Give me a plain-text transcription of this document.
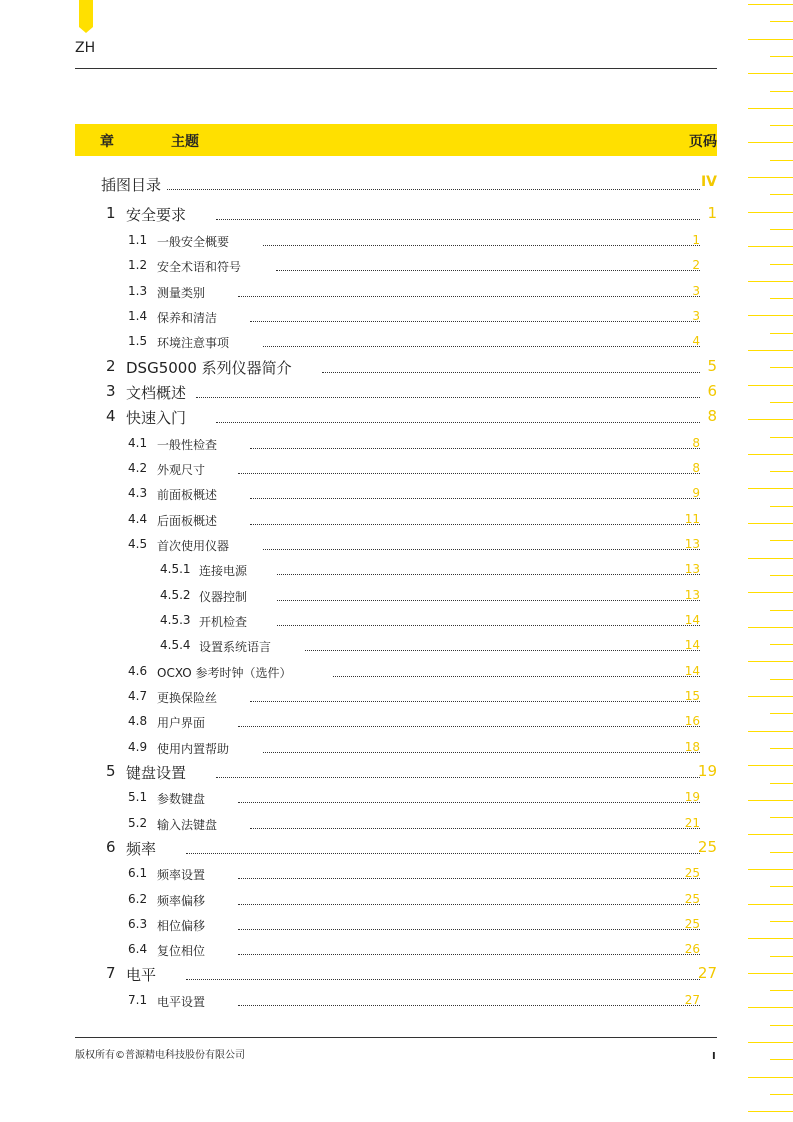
ZH
章	主题	页码
插图目录	IV
1 安全要求	1
1.1 一般安全概要	1
1.2 安全术语和符号	2
1.3 测量类别	3
1.4 保养和清洁	3
1.5 环境注意事项	4
2 DSG5000 系列仪器简介	5
3 文档概述	6
4 快速入门	8
4.1 一般性检查	8
4.2 外观尺寸	8
4.3 前面板概述	9
4.4 后面板概述	11
4.5 首次使用仪器	13
4.5.1 连接电源	13
4.5.2 仪器控制	13
4.5.3 开机检查	14
4.5.4 设置系统语言	14
4.6 OCXO 参考时钟（选件）	14
4.7 更换保险丝	15
4.8 用户界面	16
4.9 使用内置帮助	18
5 键盘设置	19
5.1 参数键盘	19
5.2 输入法键盘	21
6 频率	25
6.1 频率设置	25
6.2 频率偏移	25
6.3 相位偏移	25
6.4 复位相位	26
7 电平	27
7.1 电平设置	27
版权所有©普源精电科技股份有限公司	I
